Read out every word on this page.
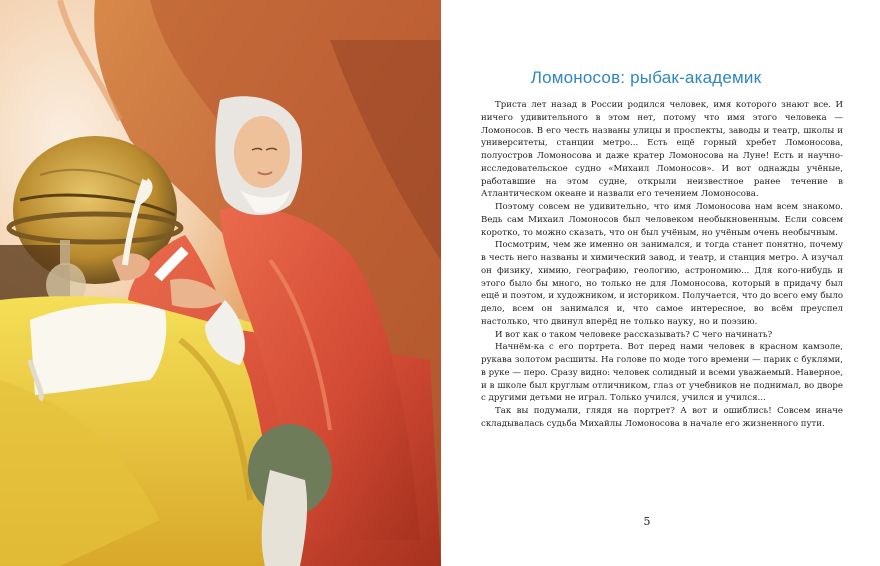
Ломоносов: рыбак-академик

Триста лет назад в России родился человек, имя которого знают все. И ничего удивительного в этом нет, потому что имя этого человека — Ломоносов. В его честь названы улицы и проспекты, заводы и театр, школы и университеты, станции метро... Есть ещё горный хребет Ломоносова, полуостров Ломоносова и даже кратер Ломоносова на Луне! Есть и научно-исследовательское судно «Михаил Ломоносов». И вот однажды учёные, работавшие на этом судне, открыли неизвестное ранее течение в Атлантическом океане и назвали его течением Ломоносова.

Поэтому совсем не удивительно, что имя Ломоносова нам всем знакомо. Ведь сам Михаил Ломоносов был человеком необыкновенным. Если совсем коротко, то можно сказать, что он был учёным, но учёным очень необычным.

Посмотрим, чем же именно он занимался, и тогда станет понятно, почему в честь него названы и химический завод, и театр, и станция метро. А изучал он физику, химию, географию, геологию, астрономию... Для кого-нибудь и этого было бы много, но только не для Ломоносова, который в придачу был ещё и поэтом, и художником, и историком. Получается, что до всего ему было дело, всем он занимался и, что самое интересное, во всём преуспел настолько, что двинул вперёд не только науку, но и поэзию.

И вот как о таком человеке рассказывать? С чего начинать?

Начнём-ка с его портрета. Вот перед нами человек в красном камзоле, рукава золотом расшиты. На голове по моде того времени — парик с буклями, в руке — перо. Сразу видно: человек солидный и всеми уважаемый. Наверное, и в школе был круглым отличником, глаз от учебников не поднимал, во дворе с другими детьми не играл. Только учился, учился и учился...

Так вы подумали, глядя на портрет? А вот и ошиблись! Совсем иначе складывалась судьба Михайлы Ломоносова в начале его жизненного пути.

5
